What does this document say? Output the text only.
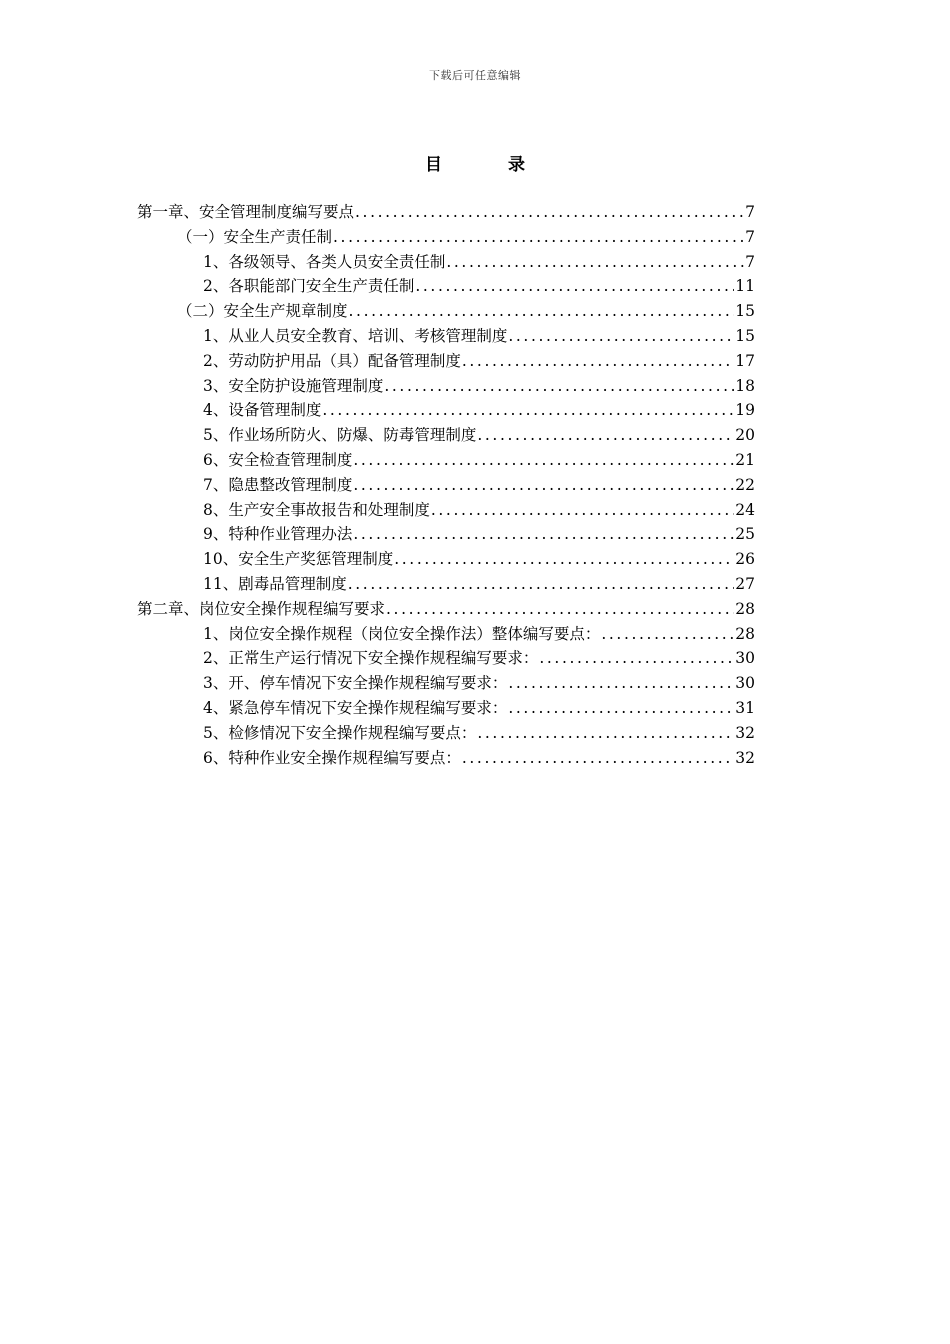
下载后可任意编辑
目 录
第一章、安全管理制度编写要点 .....	7
（一）安全生产责任制 .....	7
1、各级领导、各类人员安全责任制 .....	7
2、各职能部门安全生产责任制 .....	11
（二）安全生产规章制度 .....	15
1、从业人员安全教育、培训、考核管理制度 .....	15
2、劳动防护用品（具）配备管理制度 .....	17
3、安全防护设施管理制度 .....	18
4、设备管理制度 .....	19
5、作业场所防火、防爆、防毒管理制度 .....	20
6、安全检查管理制度 .....	21
7、隐患整改管理制度 .....	22
8、生产安全事故报告和处理制度 .....	24
9、特种作业管理办法 .....	25
10、安全生产奖惩管理制度 .....	26
11、剧毒品管理制度 .....	27
第二章、岗位安全操作规程编写要求 .....	28
1、岗位安全操作规程（岗位安全操作法）整体编写要点： .....	28
2、正常生产运行情况下安全操作规程编写要求： .....	30
3、开、停车情况下安全操作规程编写要求： .....	30
4、紧急停车情况下安全操作规程编写要求： .....	31
5、检修情况下安全操作规程编写要点： .....	32
6、特种作业安全操作规程编写要点： .....	32
